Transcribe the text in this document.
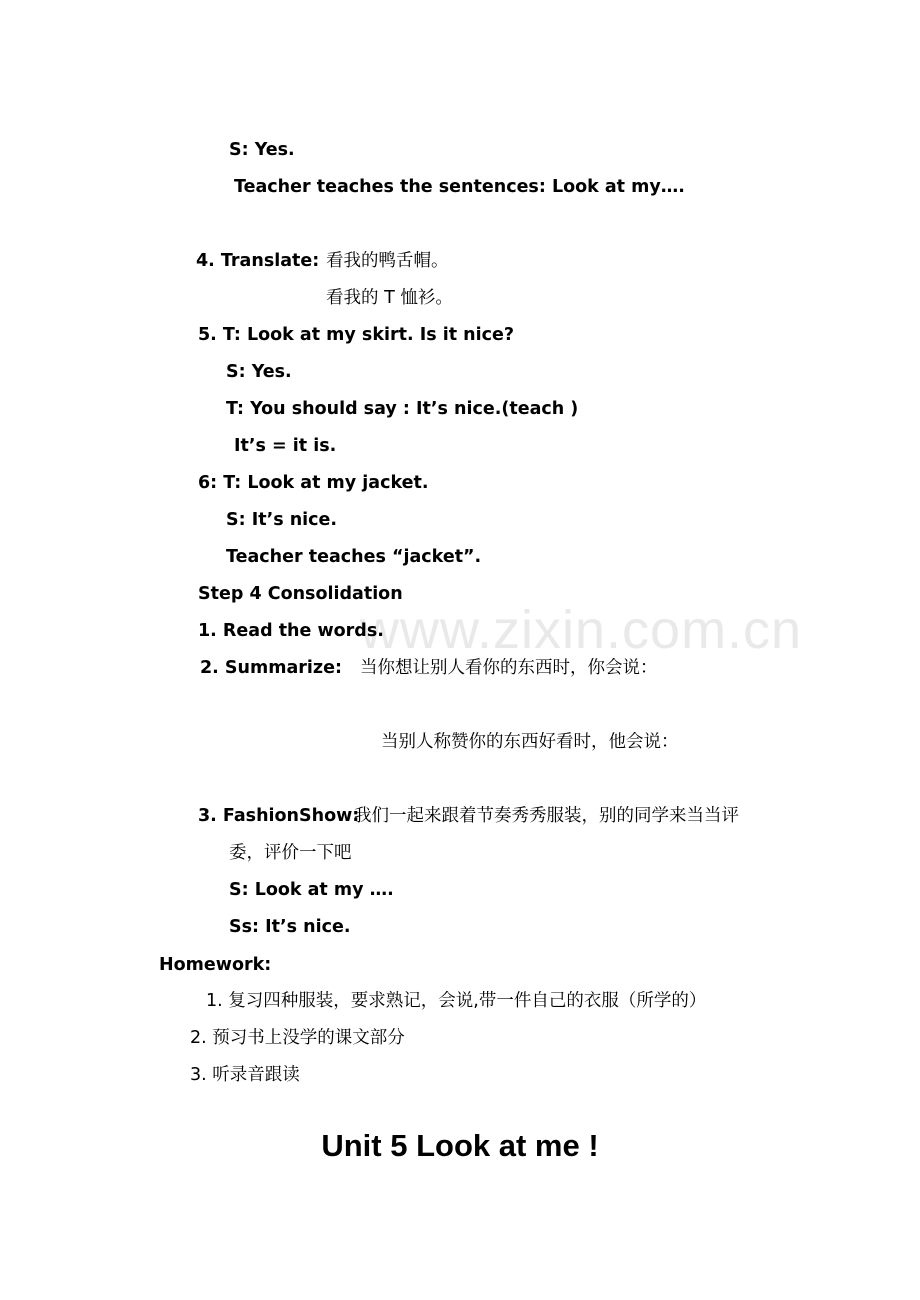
www.zixin.com.cn
S: Yes.
Teacher teaches the sentences: Look at my….
4. Translate: 看我的鸭舌帽。
看我的 T 恤衫。
5. T: Look at my skirt. Is it nice?
S: Yes.
T: You should say : It’s nice.(teach )
It’s = it is.
6: T: Look at my jacket.
S: It’s nice.
Teacher teaches “jacket”.
Step 4 Consolidation
1. Read the words.
2. Summarize: 当你想让别人看你的东西时，你会说：
当别人称赞你的东西好看时，他会说：
3. FashionShow:
我们一起来跟着节奏秀秀服装，别的同学来当当评
委，评价一下吧
S: Look at my ….
Ss: It’s nice.
Homework:
1. 复习四种服装，要求熟记，会说,带一件自己的衣服（所学的）
2. 预习书上没学的课文部分
3. 听录音跟读
Unit 5 Look at me !
